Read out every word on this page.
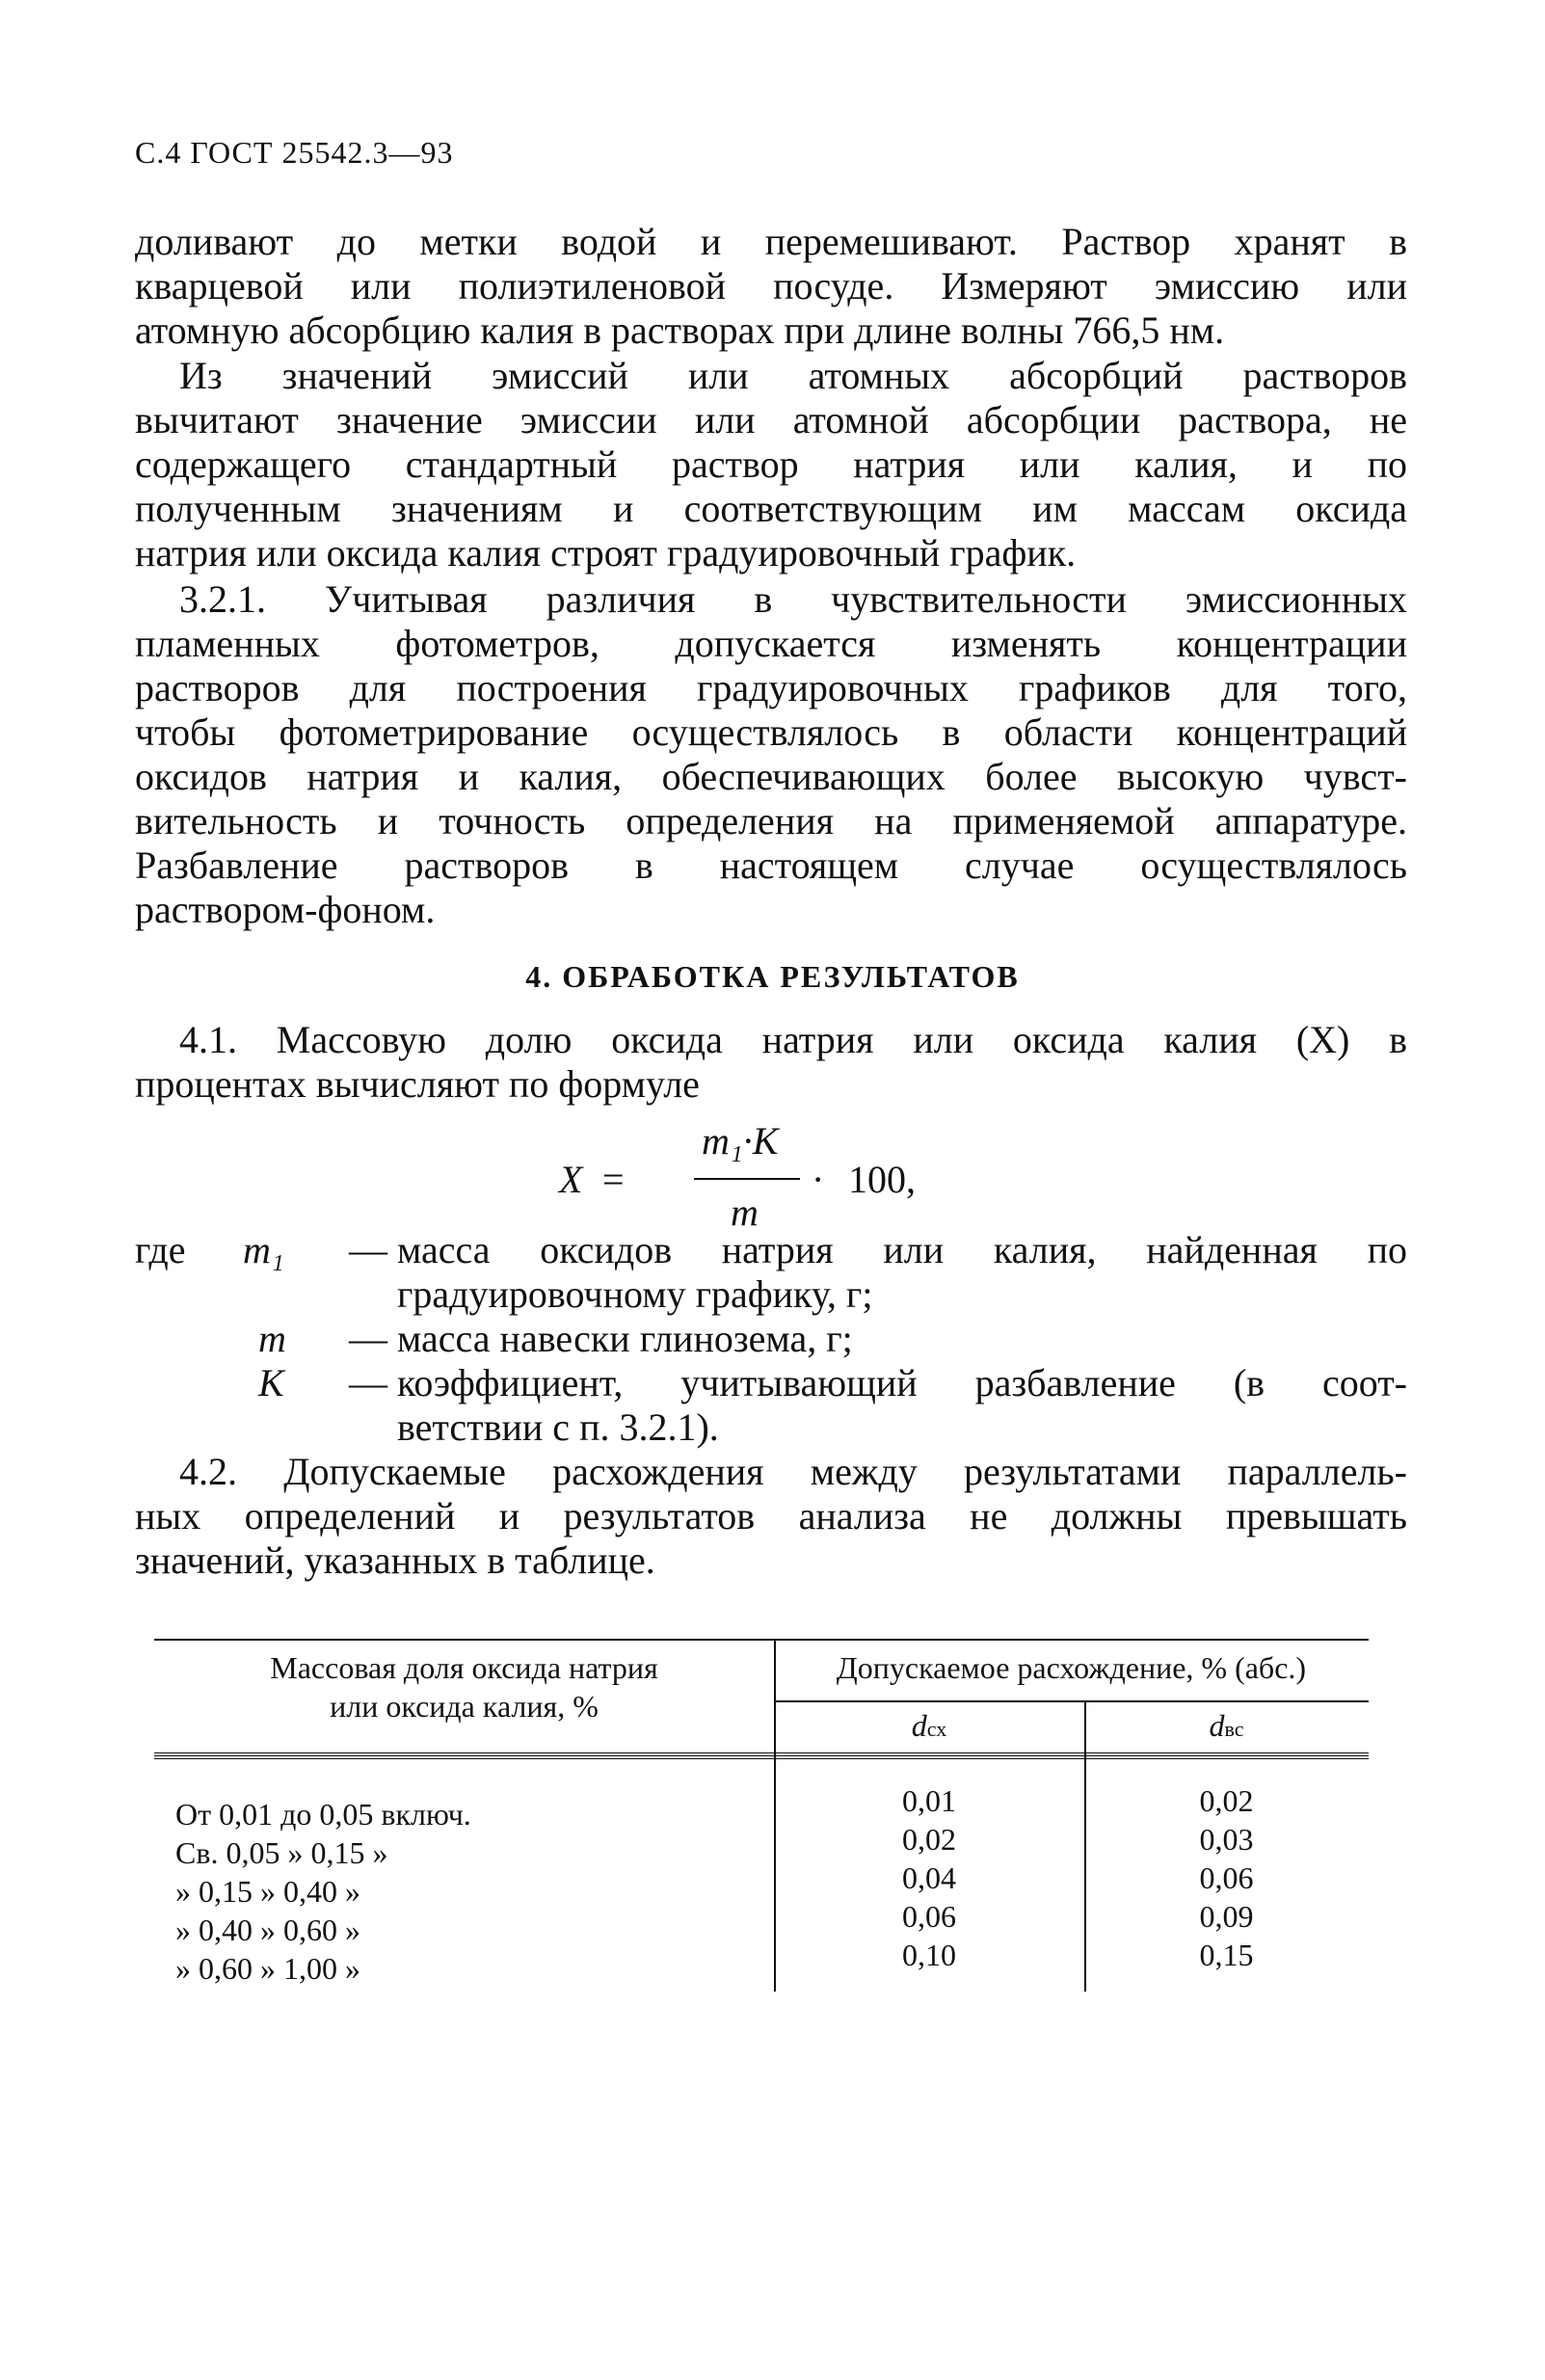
С.4 ГОСТ 25542.3—93
доливают до метки водой и перемешивают. Раствор хранят в
кварцевой или полиэтиленовой посуде. Измеряют эмиссию или
атомную абсорбцию калия в растворах при длине волны 766,5 нм.
Из значений эмиссий или атомных абсорбций растворов
вычитают значение эмиссии или атомной абсорбции раствора, не
содержащего стандартный раствор натрия или калия, и по
полученным значениям и соответствующим им массам оксида
натрия или оксида калия строят градуировочный график.
3.2.1. Учитывая различия в чувствительности эмиссионных
пламенных фотометров, допускается изменять концентрации
растворов для построения градуировочных графиков для того,
чтобы фотометрирование осуществлялось в области концентраций
оксидов натрия и калия, обеспечивающих более высокую чувст-
вительность и точность определения на применяемой аппаратуре.
Разбавление растворов в настоящем случае осуществлялось
раствором-фоном.
4. ОБРАБОТКА РЕЗУЛЬТАТОВ
4.1. Массовую долю оксида натрия или оксида калия (X) в
процентах вычисляют по формуле
X =
m₁·K
m
· 100,
где m₁ — масса оксидов натрия или калия, найденная по
градуировочному графику, г;
m — масса навески глинозема, г;
K — коэффициент, учитывающий разбавление (в соот-
ветствии с п. 3.2.1).
4.2. Допускаемые расхождения между результатами параллель-
ных определений и результатов анализа не должны превышать
значений, указанных в таблице.
Массовая доля оксида натрия
или оксида калия, %
Допускаемое расхождение, % (абс.)
dсх	dвс
От 0,01 до 0,05 включ.
Св. 0,05 » 0,15 »
» 0,15 » 0,40 »
» 0,40 » 0,60 »
» 0,60 » 1,00 »
0,01
0,02
0,04
0,06
0,10
0,02
0,03
0,06
0,09
0,15
